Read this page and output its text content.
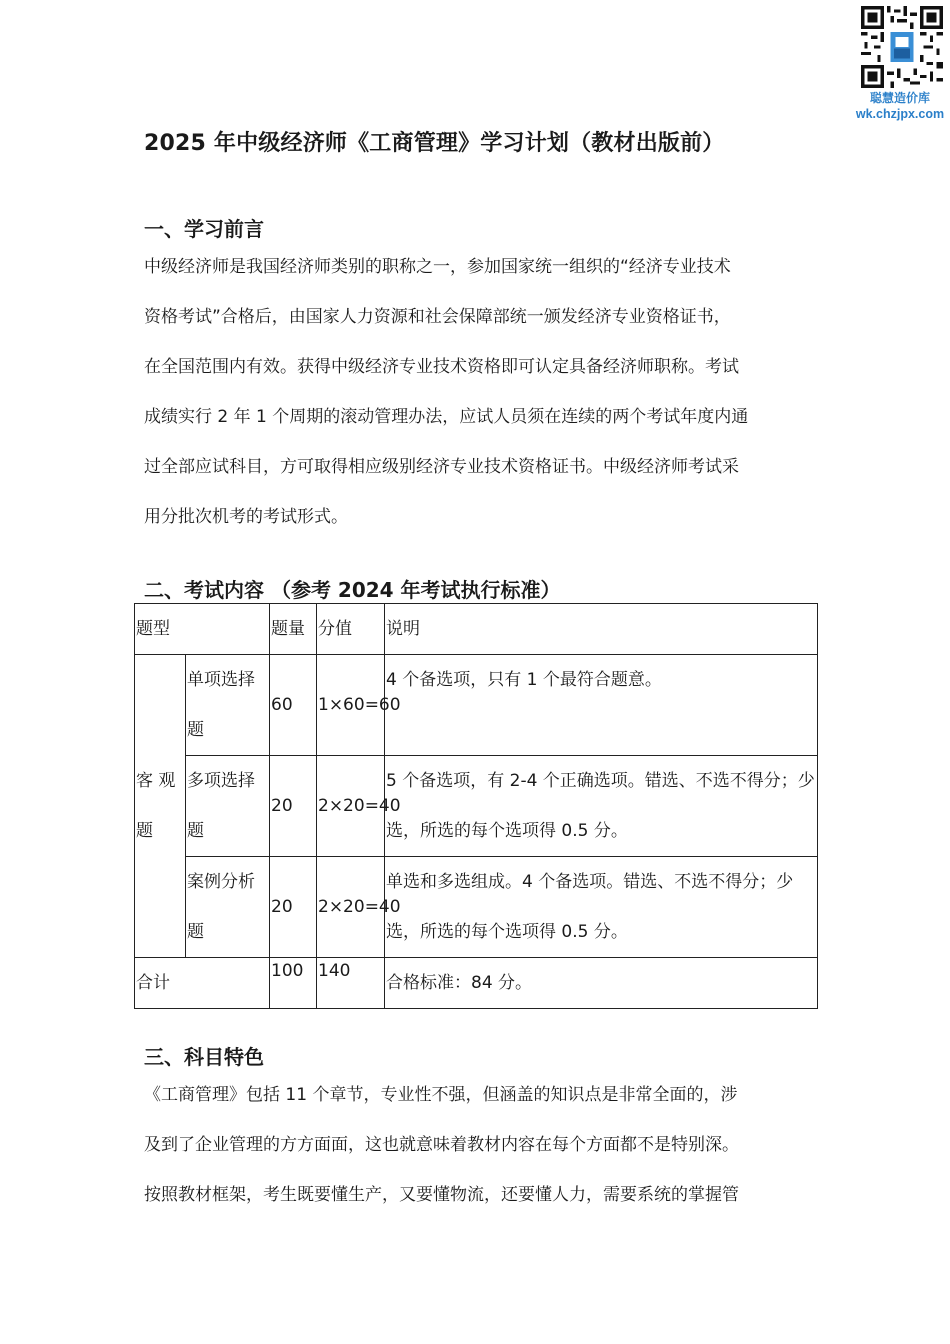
聪慧造价库
wk.chzjpx.com
2025 年中级经济师《工商管理》学习计划（教材出版前）
一、学习前言
中级经济师是我国经济师类别的职称之一，参加国家统一组织的“经济专业技术
资格考试”合格后，由国家人力资源和社会保障部统一颁发经济专业资格证书，
在全国范围内有效。获得中级经济专业技术资格即可认定具备经济师职称。考试
成绩实行 2 年 1 个周期的滚动管理办法，应试人员须在连续的两个考试年度内通
过全部应试科目，方可取得相应级别经济专业技术资格证书。中级经济师考试采
用分批次机考的考试形式。
二、考试内容 （参考 2024 年考试执行标准）
题型		题量	分值	说明
客 观题	单项选择题	60	1×60=60	4 个备选项，只有 1 个最符合题意。
	多项选择题	20	2×20=40	5 个备选项，有 2-4 个正确选项。错选、不选不得分；少选，所选的每个选项得 0.5 分。
	案例分析题	20	2×20=40	单选和多选组成。4 个备选项。错选、不选不得分；少选，所选的每个选项得 0.5 分。
合计		100	140	合格标准：84 分。
三、科目特色
《工商管理》包括 11 个章节，专业性不强，但涵盖的知识点是非常全面的，涉
及到了企业管理的方方面面，这也就意味着教材内容在每个方面都不是特别深。
按照教材框架，考生既要懂生产，又要懂物流，还要懂人力，需要系统的掌握管
